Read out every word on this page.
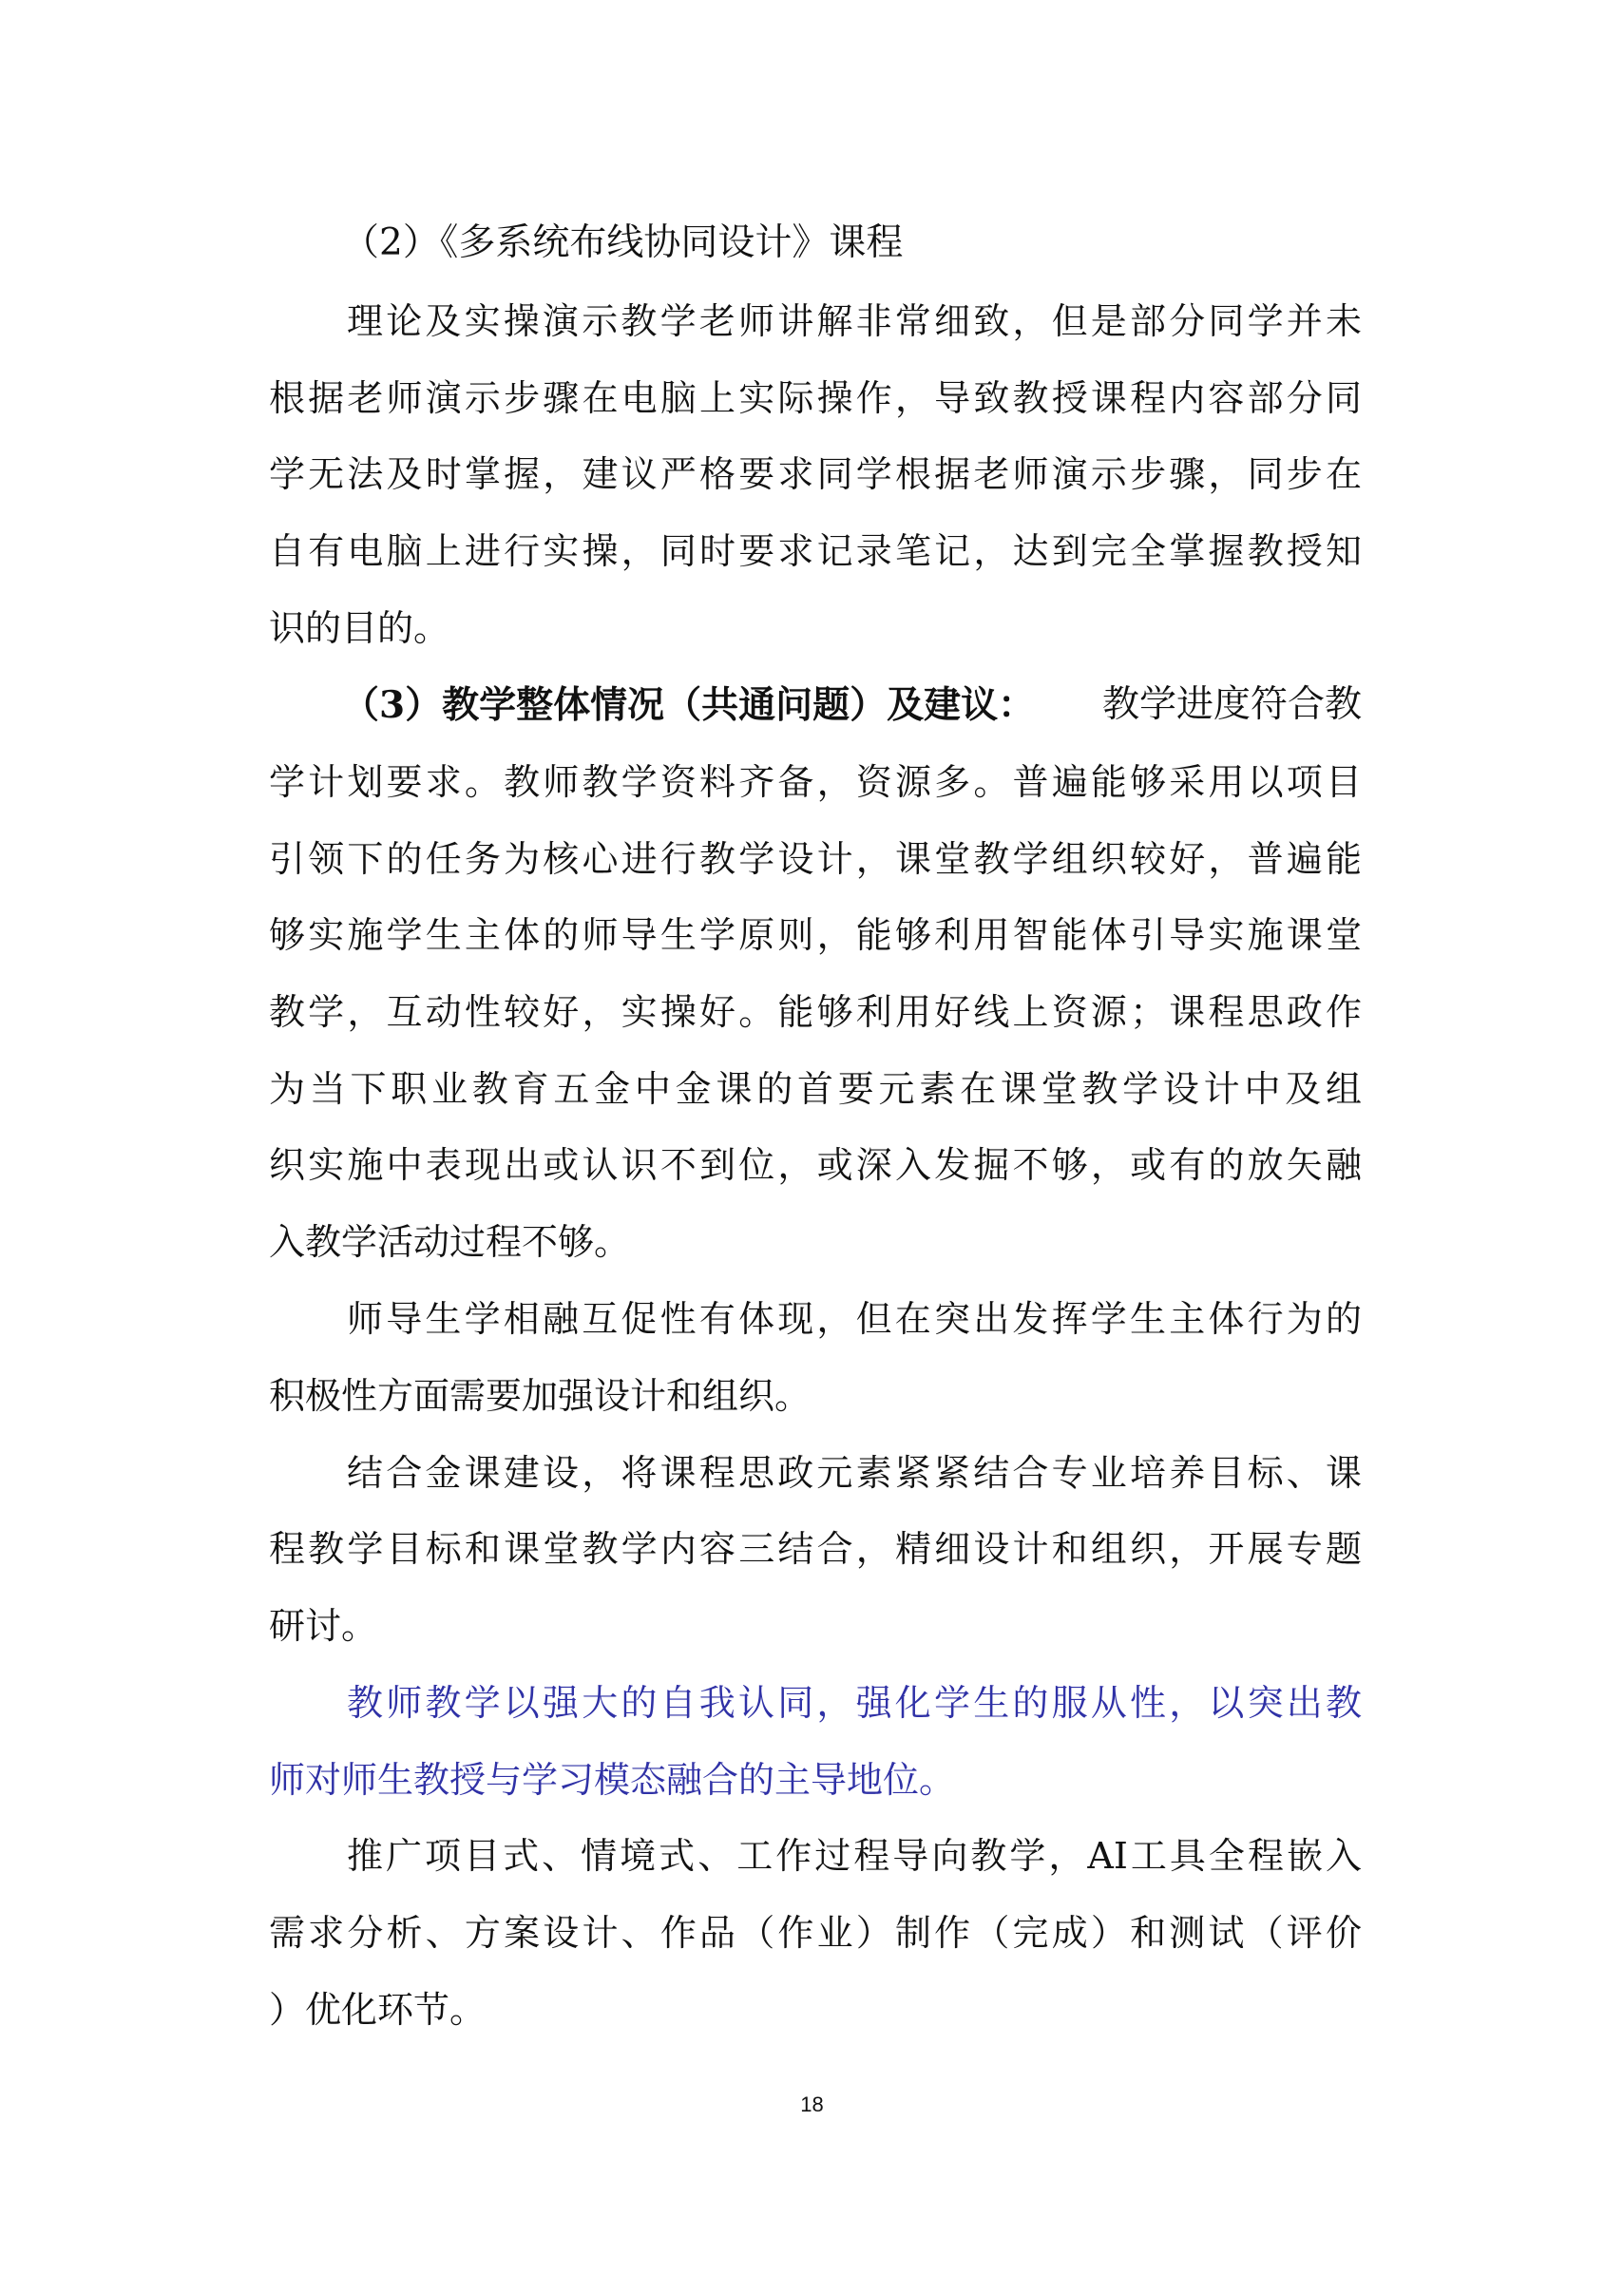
（2）《多系统布线协同设计》课程
理论及实操演示教学老师讲解非常细致，但是部分同学并未
根据老师演示步骤在电脑上实际操作，导致教授课程内容部分同
学无法及时掌握，建议严格要求同学根据老师演示步骤，同步在
自有电脑上进行实操，同时要求记录笔记，达到完全掌握教授知
识的目的。
（3）教学整体情况（共通问题）及建议： 教学进度符合教
学计划要求。教师教学资料齐备，资源多。普遍能够采用以项目
引领下的任务为核心进行教学设计，课堂教学组织较好，普遍能
够实施学生主体的师导生学原则，能够利用智能体引导实施课堂
教学，互动性较好，实操好。能够利用好线上资源；课程思政作
为当下职业教育五金中金课的首要元素在课堂教学设计中及组
织实施中表现出或认识不到位，或深入发掘不够，或有的放矢融
入教学活动过程不够。
师导生学相融互促性有体现，但在突出发挥学生主体行为的
积极性方面需要加强设计和组织。
结合金课建设，将课程思政元素紧紧结合专业培养目标、课
程教学目标和课堂教学内容三结合，精细设计和组织，开展专题
研讨。
教师教学以强大的自我认同，强化学生的服从性，以突出教
师对师生教授与学习模态融合的主导地位。
推广项目式、情境式、工作过程导向教学，AI工具全程嵌入
需求分析、方案设计、作品（作业）制作（完成）和测试（评价
）优化环节。
18
